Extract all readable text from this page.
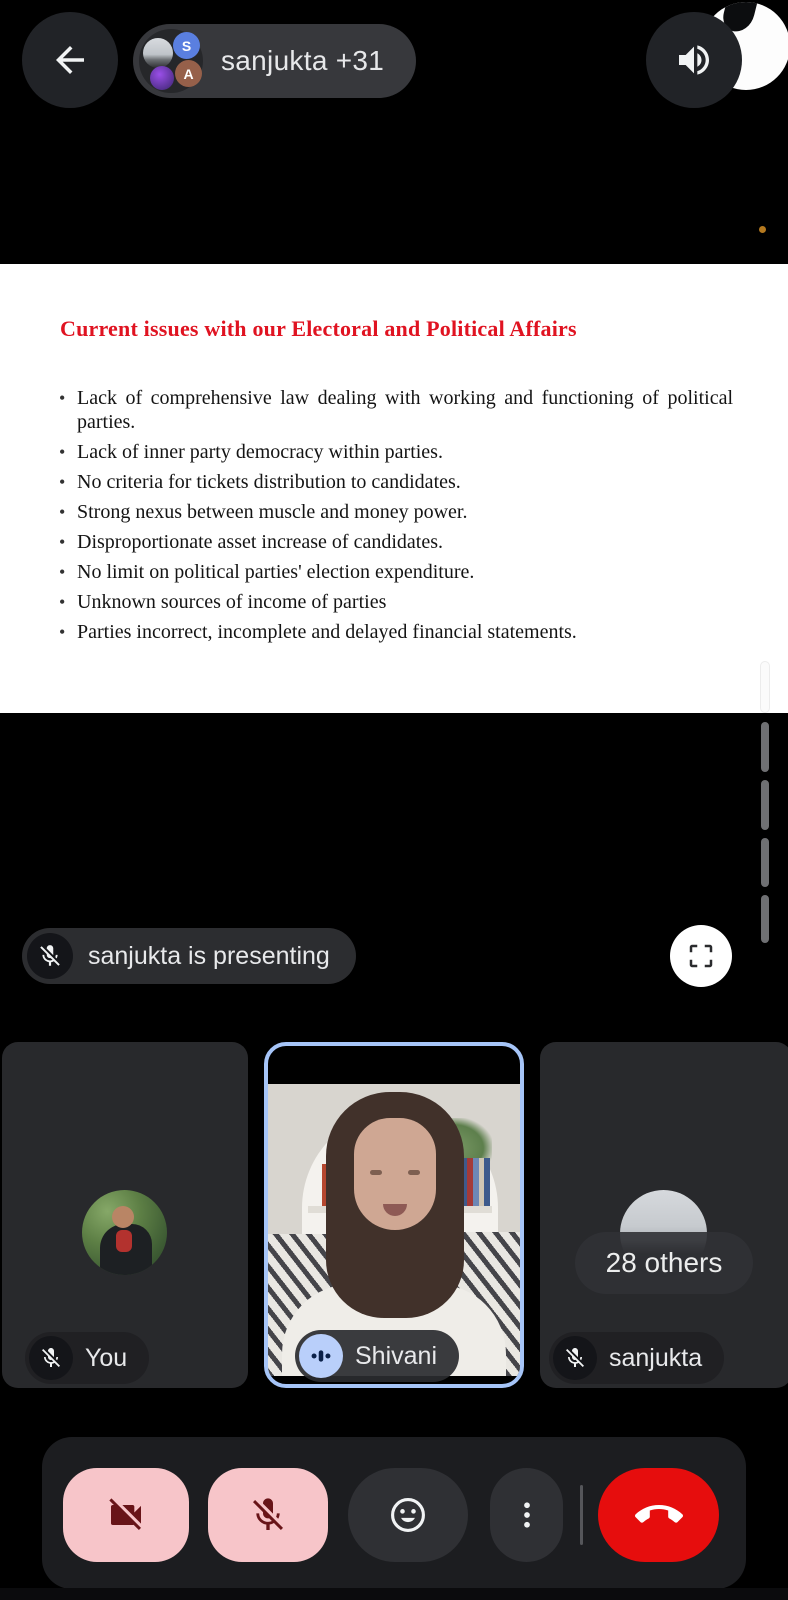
S
A sanjukta +31
Current issues with our Electoral and Political Affairs
• Lack of comprehensive law dealing with working and functioning of political parties.
• Lack of inner party democracy within parties.
• No criteria for tickets distribution to candidates.
• Strong nexus between muscle and money power.
• Disproportionate asset increase of candidates.
• No limit on political parties' election expenditure.
• Unknown sources of income of parties
• Parties incorrect, incomplete and delayed financial statements.
sanjukta is presenting
You	Shivani
28 others
sanjukta
